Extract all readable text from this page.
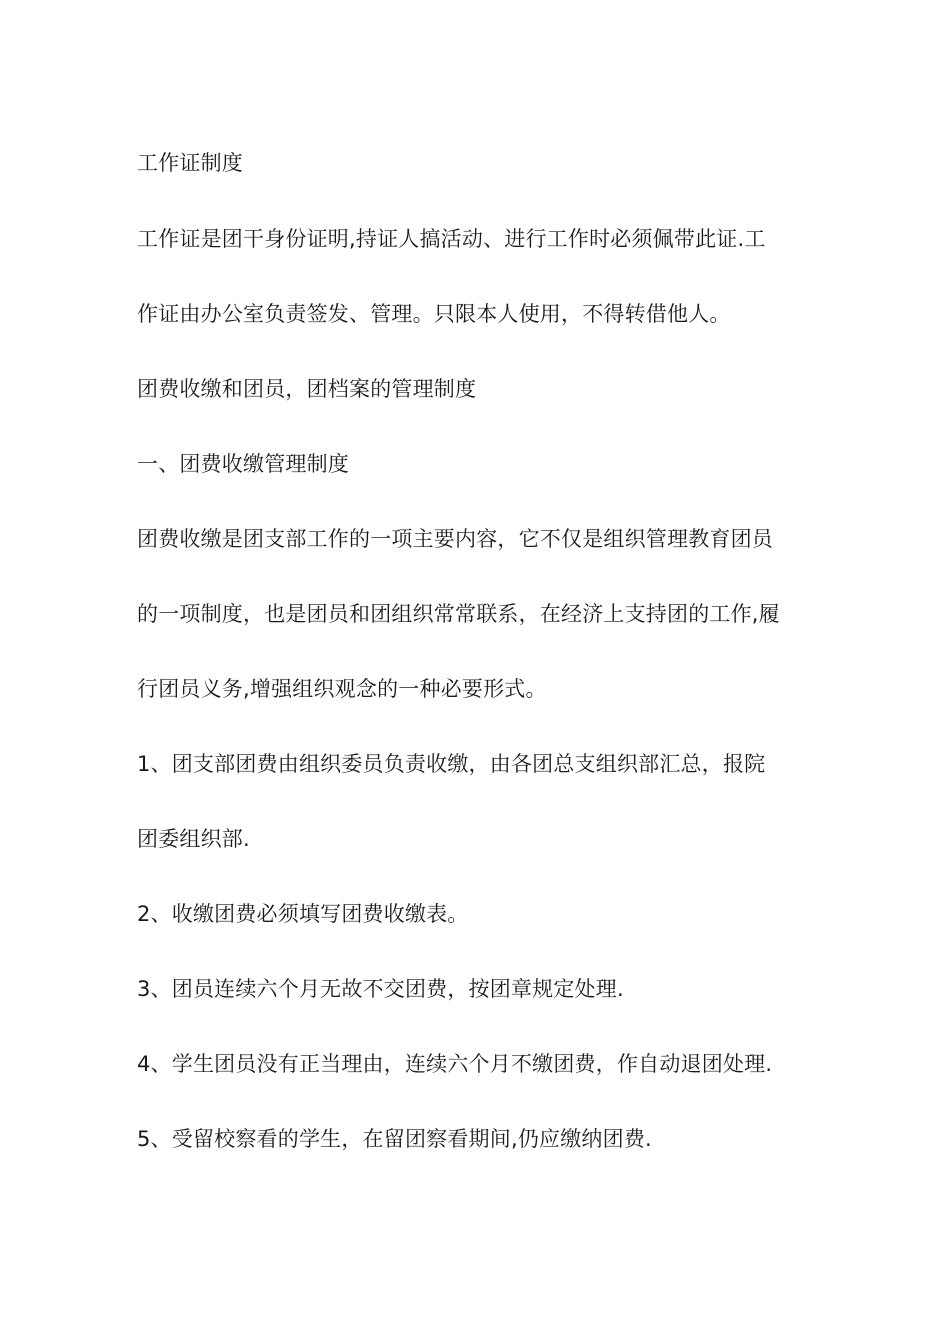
工作证制度
工作证是团干身份证明,持证人搞活动、进行工作时必须佩带此证.工
作证由办公室负责签发、管理。只限本人使用，不得转借他人。
团费收缴和团员，团档案的管理制度
一、团费收缴管理制度
团费收缴是团支部工作的一项主要内容，它不仅是组织管理教育团员
的一项制度，也是团员和团组织常常联系，在经济上支持团的工作,履
行团员义务,增强组织观念的一种必要形式。
1、团支部团费由组织委员负责收缴，由各团总支组织部汇总，报院
团委组织部.
2、收缴团费必须填写团费收缴表。
3、团员连续六个月无故不交团费，按团章规定处理.
4、学生团员没有正当理由，连续六个月不缴团费，作自动退团处理.
5、受留校察看的学生，在留团察看期间,仍应缴纳团费.
